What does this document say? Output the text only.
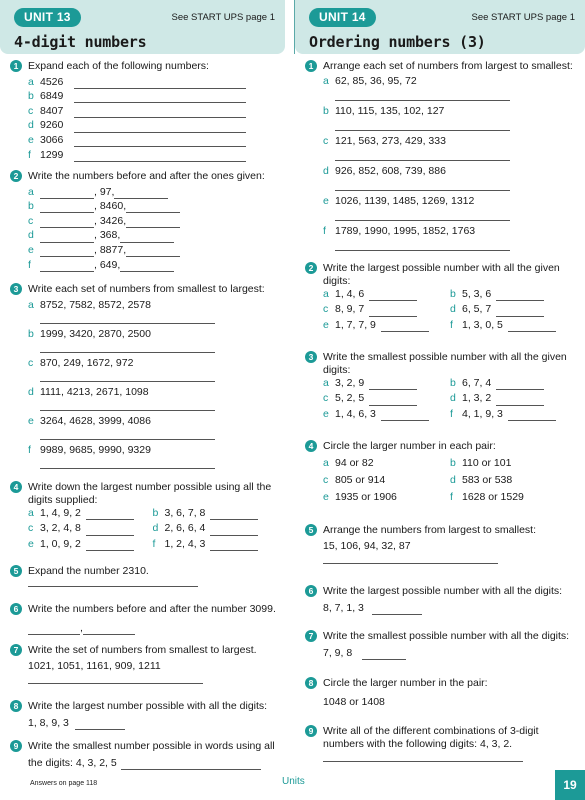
UNIT 13	See START UPS page 1
4-digit numbers
1 Expand each of the following numbers:
a 4526
b 6849
c 8407
d 9260
e 3066
f 1299
2 Write the numbers before and after the ones given:
a	, 97,
b	, 8460,
c	, 3426,
d	, 368,
e	, 8877,
f	, 649,
3 Write each set of numbers from smallest to largest:
a 8752, 7582, 8572, 2578
b 1999, 3420, 2870, 2500
c 870, 249, 1672, 972
d 1111, 4213, 2671, 1098
e 3264, 4628, 3999, 4086
f 9989, 9685, 9990, 9329
4 Write down the largest number possible using all the digits supplied:
a 1, 4, 9, 2	b 3, 6, 7, 8
c 3, 2, 4, 8	d 2, 6, 6, 4
e 1, 0, 9, 2	f 1, 2, 4, 3
5 Expand the number 2310.
6 Write the numbers before and after the number 3099.
,
7 Write the set of numbers from smallest to largest.
1021, 1051, 1161, 909, 1211
8 Write the largest number possible with all the digits:
1, 8, 9, 3
9 Write the smallest number possible in words using all
the digits: 4, 3, 2, 5
UNIT 14	See START UPS page 1
Ordering numbers (3)
1 Arrange each set of numbers from largest to smallest:
a 62, 85, 36, 95, 72
b 110, 115, 135, 102, 127
c 121, 563, 273, 429, 333
d 926, 852, 608, 739, 886
e 1026, 1139, 1485, 1269, 1312
f 1789, 1990, 1995, 1852, 1763
2 Write the largest possible number with all the given digits:
a 1, 4, 6	b 5, 3, 6
c 8, 9, 7	d 6, 5, 7
e 1, 7, 7, 9	f 1, 3, 0, 5
3 Write the smallest possible number with all the given digits:
a 3, 2, 9	b 6, 7, 4
c 5, 2, 5	d 1, 3, 2
e 1, 4, 6, 3	f 4, 1, 9, 3
4 Circle the larger number in each pair:
a 94 or 82	b 110 or 101
c 805 or 914	d 583 or 538
e 1935 or 1906	f 1628 or 1529
5 Arrange the numbers from largest to smallest:
15, 106, 94, 32, 87
6 Write the largest possible number with all the digits:
8, 7, 1, 3
7 Write the smallest possible number with all the digits:
7, 9, 8
8 Circle the larger number in the pair:
1048 or 1408
9 Write all of the different combinations of 3-digit numbers with the following digits: 4, 3, 2.
Answers on page 118	Units	19
